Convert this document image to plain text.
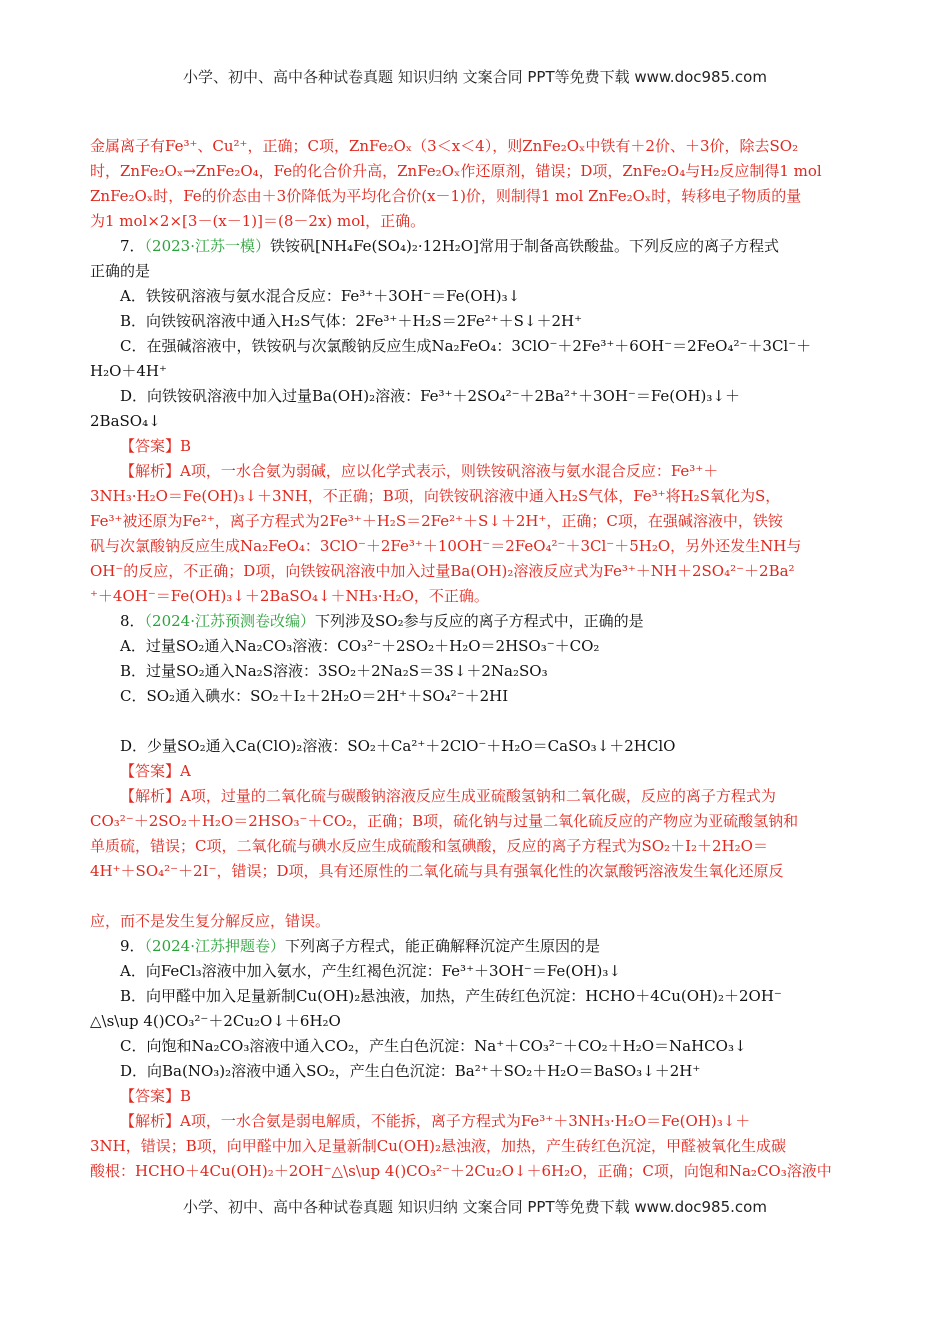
小学、初中、高中各种试卷真题 知识归纳 文案合同 PPT等免费下载 www.doc985.com
金属离子有Fe³⁺、Cu²⁺，正确；C项，ZnFe₂Oₓ（3＜x＜4），则ZnFe₂Oₓ中铁有＋2价、＋3价，除去SO₂
时，ZnFe₂Oₓ→ZnFe₂O₄，Fe的化合价升高，ZnFe₂Oₓ作还原剂，错误；D项，ZnFe₂O₄与H₂反应制得1 mol
ZnFe₂Oₓ时，Fe的价态由＋3价降低为平均化合价(x－1)价，则制得1 mol ZnFe₂Oₓ时，转移电子物质的量
为1 mol×2×[3－(x－1)]＝(8－2x) mol，正确。
7．（2023·江苏一模）铁铵矾[NH₄Fe(SO₄)₂·12H₂O]常用于制备高铁酸盐。下列反应的离子方程式
正确的是
A．铁铵矾溶液与氨水混合反应：Fe³⁺＋3OH⁻＝Fe(OH)₃↓
B．向铁铵矾溶液中通入H₂S气体：2Fe³⁺＋H₂S＝2Fe²⁺＋S↓＋2H⁺
C．在强碱溶液中，铁铵矾与次氯酸钠反应生成Na₂FeO₄：3ClO⁻＋2Fe³⁺＋6OH⁻＝2FeO₄²⁻＋3Cl⁻＋
H₂O＋4H⁺
D．向铁铵矾溶液中加入过量Ba(OH)₂溶液：Fe³⁺＋2SO₄²⁻＋2Ba²⁺＋3OH⁻＝Fe(OH)₃↓＋
2BaSO₄↓
【答案】B
【解析】A项，一水合氨为弱碱，应以化学式表示，则铁铵矾溶液与氨水混合反应：Fe³⁺＋
3NH₃·H₂O＝Fe(OH)₃↓＋3NH，不正确；B项，向铁铵矾溶液中通入H₂S气体，Fe³⁺将H₂S氧化为S，
Fe³⁺被还原为Fe²⁺，离子方程式为2Fe³⁺＋H₂S＝2Fe²⁺＋S↓＋2H⁺，正确；C项，在强碱溶液中，铁铵
矾与次氯酸钠反应生成Na₂FeO₄：3ClO⁻＋2Fe³⁺＋10OH⁻＝2FeO₄²⁻＋3Cl⁻＋5H₂O，另外还发生NH与
OH⁻的反应，不正确；D项，向铁铵矾溶液中加入过量Ba(OH)₂溶液反应式为Fe³⁺＋NH＋2SO₄²⁻＋2Ba²
⁺＋4OH⁻＝Fe(OH)₃↓＋2BaSO₄↓＋NH₃·H₂O，不正确。
8．（2024·江苏预测卷改编）下列涉及SO₂参与反应的离子方程式中，正确的是
A．过量SO₂通入Na₂CO₃溶液：CO₃²⁻＋2SO₂＋H₂O＝2HSO₃⁻＋CO₂
B．过量SO₂通入Na₂S溶液：3SO₂＋2Na₂S＝3S↓＋2Na₂SO₃
C．SO₂通入碘水：SO₂＋I₂＋2H₂O＝2H⁺＋SO₄²⁻＋2HI
D．少量SO₂通入Ca(ClO)₂溶液：SO₂＋Ca²⁺＋2ClO⁻＋H₂O＝CaSO₃↓＋2HClO
【答案】A
【解析】A项，过量的二氧化硫与碳酸钠溶液反应生成亚硫酸氢钠和二氧化碳，反应的离子方程式为
CO₃²⁻＋2SO₂＋H₂O＝2HSO₃⁻＋CO₂，正确；B项，硫化钠与过量二氧化硫反应的产物应为亚硫酸氢钠和
单质硫，错误；C项，二氧化硫与碘水反应生成硫酸和氢碘酸，反应的离子方程式为SO₂＋I₂＋2H₂O＝
4H⁺＋SO₄²⁻＋2I⁻，错误；D项，具有还原性的二氧化硫与具有强氧化性的次氯酸钙溶液发生氧化还原反
应，而不是发生复分解反应，错误。
9．（2024·江苏押题卷）下列离子方程式，能正确解释沉淀产生原因的是
A．向FeCl₃溶液中加入氨水，产生红褐色沉淀：Fe³⁺＋3OH⁻＝Fe(OH)₃↓
B．向甲醛中加入足量新制Cu(OH)₂悬浊液，加热，产生砖红色沉淀：HCHO＋4Cu(OH)₂＋2OH⁻
△\s\up 4()CO₃²⁻＋2Cu₂O↓＋6H₂O
C．向饱和Na₂CO₃溶液中通入CO₂，产生白色沉淀：Na⁺＋CO₃²⁻＋CO₂＋H₂O＝NaHCO₃↓
D．向Ba(NO₃)₂溶液中通入SO₂，产生白色沉淀：Ba²⁺＋SO₂＋H₂O＝BaSO₃↓＋2H⁺
【答案】B
【解析】A项，一水合氨是弱电解质，不能拆，离子方程式为Fe³⁺＋3NH₃·H₂O＝Fe(OH)₃↓＋
3NH，错误；B项，向甲醛中加入足量新制Cu(OH)₂悬浊液，加热，产生砖红色沉淀，甲醛被氧化生成碳
酸根：HCHO＋4Cu(OH)₂＋2OH⁻△\s\up 4()CO₃²⁻＋2Cu₂O↓＋6H₂O，正确；C项，向饱和Na₂CO₃溶液中
小学、初中、高中各种试卷真题 知识归纳 文案合同 PPT等免费下载 www.doc985.com
